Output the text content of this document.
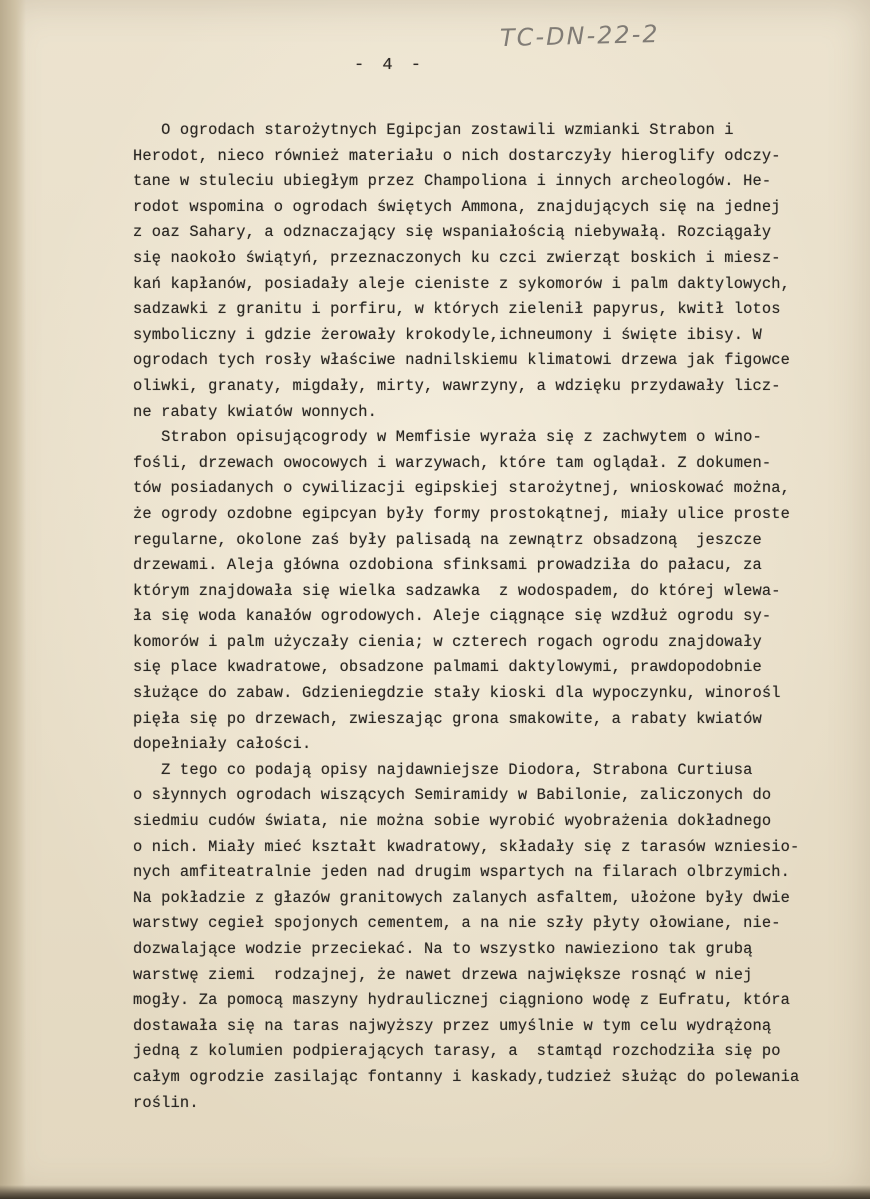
TC-DN-22-2
- 4 -
O ogrodach starożytnych Egipcjan zostawili wzmianki Strabon i
Herodot, nieco również materiału o nich dostarczyły hieroglify odczy-
tane w stuleciu ubiegłym przez Champoliona i innych archeologów. He-
rodot wspomina o ogrodach świętych Ammona, znajdujących się na jednej
z oaz Sahary, a odznaczający się wspaniałością niebywałą. Rozciągały
się naokoło świątyń, przeznaczonych ku czci zwierząt boskich i miesz-
kań kapłanów, posiadały aleje cieniste z sykomorów i palm daktylowych,
sadzawki z granitu i porfiru, w których zielenił papyrus, kwitł lotos
symboliczny i gdzie żerowały krokodyle,ichneumony i święte ibisy. W
ogrodach tych rosły właściwe nadnilskiemu klimatowi drzewa jak figowce
oliwki, granaty, migdały, mirty, wawrzyny, a wdzięku przydawały licz-
ne rabaty kwiatów wonnych.
Strabon opisującogrody w Memfisie wyraża się z zachwytem o wino-
fośli, drzewach owocowych i warzywach, które tam oglądał. Z dokumen-
tów posiadanych o cywilizacji egipskiej starożytnej, wnioskować można,
że ogrody ozdobne egipcyan były formy prostokątnej, miały ulice proste
regularne, okolone zaś były palisadą na zewnątrz obsadzoną  jeszcze
drzewami. Aleja główna ozdobiona sfinksami prowadziła do pałacu, za
którym znajdowała się wielka sadzawka  z wodospadem, do której wlewa-
ła się woda kanałów ogrodowych. Aleje ciągnące się wzdłuż ogrodu sy-
komorów i palm użyczały cienia; w czterech rogach ogrodu znajdowały
się place kwadratowe, obsadzone palmami daktylowymi, prawdopodobnie
służące do zabaw. Gdzieniegdzie stały kioski dla wypoczynku, winorośl
pięła się po drzewach, zwieszając grona smakowite, a rabaty kwiatów
dopełniały całości.
Z tego co podają opisy najdawniejsze Diodora, Strabona Curtiusa
o słynnych ogrodach wiszących Semiramidy w Babilonie, zaliczonych do
siedmiu cudów świata, nie można sobie wyrobić wyobrażenia dokładnego
o nich. Miały mieć kształt kwadratowy, składały się z tarasów wzniesio-
nych amfiteatralnie jeden nad drugim wspartych na filarach olbrzymich.
Na pokładzie z głazów granitowych zalanych asfaltem, ułożone były dwie
warstwy cegieł spojonych cementem, a na nie szły płyty ołowiane, nie-
dozwalające wodzie przeciekać. Na to wszystko nawieziono tak grubą
warstwę ziemi  rodzajnej, że nawet drzewa największe rosnąć w niej
mogły. Za pomocą maszyny hydraulicznej ciągniono wodę z Eufratu, która
dostawała się na taras najwyższy przez umyślnie w tym celu wydrążoną
jedną z kolumien podpierających tarasy, a  stamtąd rozchodziła się po
całym ogrodzie zasilając fontanny i kaskady,tudzież służąc do polewania
roślin.
